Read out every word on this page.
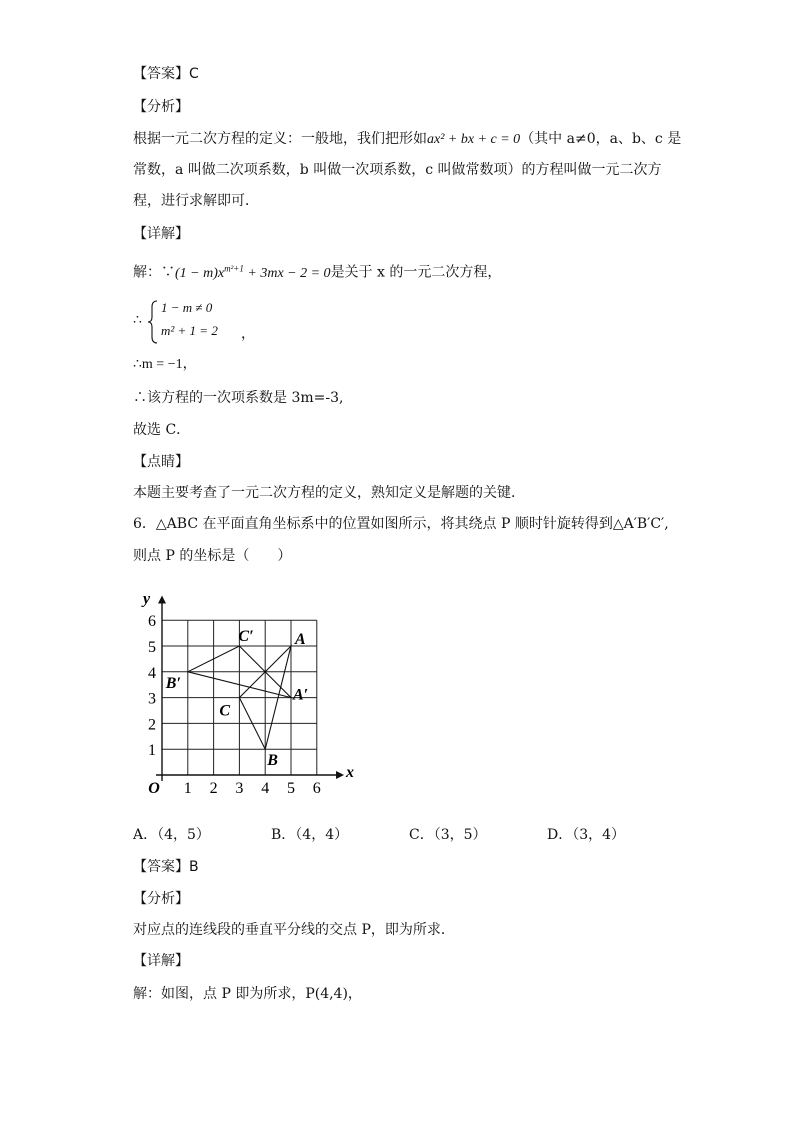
【答案】C
【分析】
根据一元二次方程的定义：一般地，我们把形如ax² + bx + c = 0（其中 a≠0，a、b、c 是
常数，a 叫做二次项系数，b 叫做一次项系数，c 叫做常数项）的方程叫做一元二次方
程，进行求解即可．
【详解】
解：∵(1 − $m)x^{m^2+1} + 3mx - 2 = 0$是关于 x 的一元二次方程，
∴
1 − m ≠ 0
m² + 1 = 2 ，
∴m = −1，
∴该方程的一次项系数是 3m=-3,
故选 C．
【点睛】
本题主要考查了一元二次方程的定义，熟知定义是解题的关键．
6．△ABC 在平面直角坐标系中的位置如图所示，将其绕点 P 顺时针旋转得到△A′B′C′,
则点 P 的坐标是（　　）
1 2 3 4 5 6
1
2
3
4
5
6
O
x
y
A
B
C
A′
B′
C′
A．（4，5）	B．（4，4）	C．（3，5）	D．（3，4）
【答案】B
【分析】
对应点的连线段的垂直平分线的交点 P，即为所求．
【详解】
解：如图，点 P 即为所求，P(4,4)，
